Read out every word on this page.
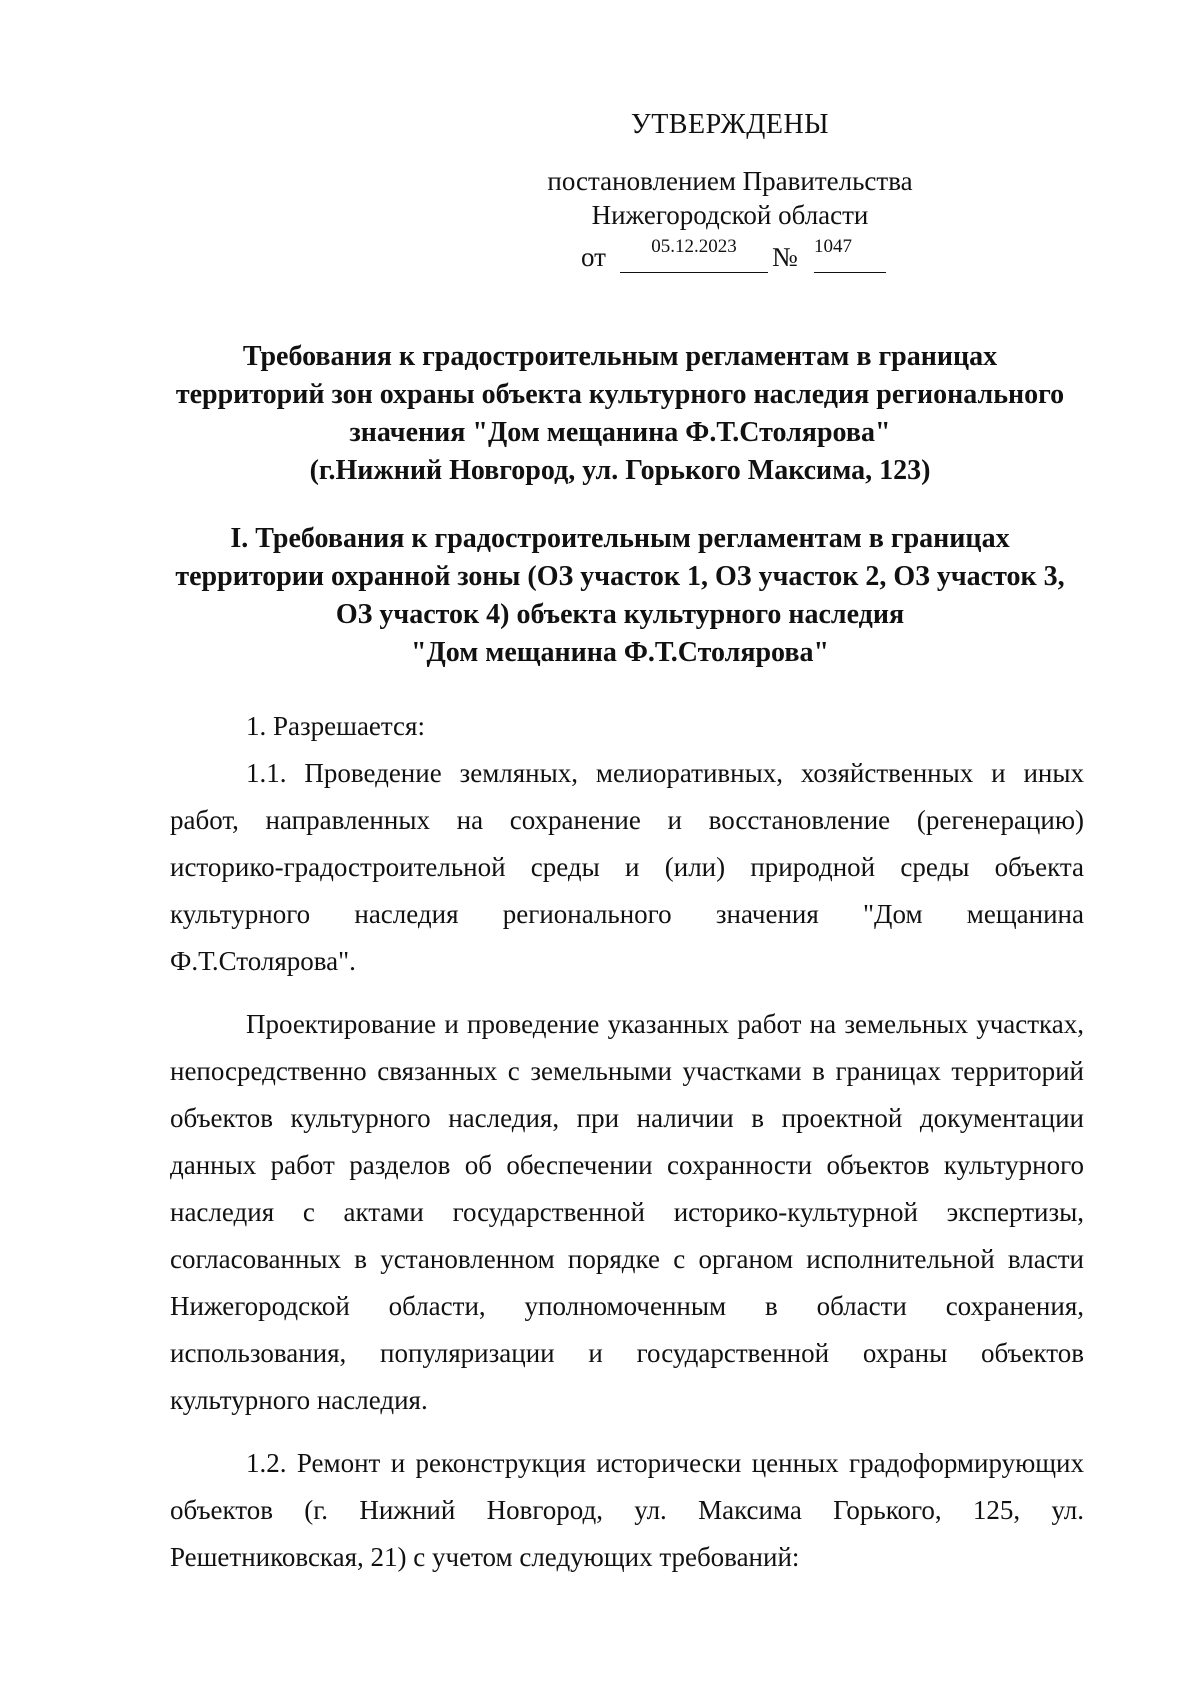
УТВЕРЖДЕНЫ
постановлением Правительства
Нижегородской области
от	05.12.2023	№ 1047
Требования к градостроительным регламентам в границах
территорий зон охраны объекта культурного наследия регионального
значения "Дом мещанина Ф.Т.Столярова"
(г.Нижний Новгород, ул. Горького Максима, 123)
I. Требования к градостроительным регламентам в границах
территории охранной зоны (ОЗ участок 1, ОЗ участок 2, ОЗ участок 3,
ОЗ участок 4) объекта культурного наследия
"Дом мещанина Ф.Т.Столярова"

1. Разрешается:

1.1. Проведение земляных, мелиоративных, хозяйственных и иных работ, направленных на сохранение и восстановление (регенерацию) историко-градостроительной среды и (или) природной среды объекта культурного наследия регионального значения "Дом мещанина Ф.Т.Столярова".

Проектирование и проведение указанных работ на земельных участках, непосредственно связанных с земельными участками в границах территорий объектов культурного наследия, при наличии в проектной документации данных работ разделов об обеспечении сохранности объектов культурного наследия с актами государственной историко-культурной экспертизы, согласованных в установленном порядке с органом исполнительной власти Нижегородской области, уполномоченным в области сохранения, использования, популяризации и государственной охраны объектов культурного наследия.

1.2. Ремонт и реконструкция исторически ценных градоформирующих объектов (г. Нижний Новгород, ул. Максима Горького, 125, ул. Решетниковская, 21) с учетом следующих требований:
